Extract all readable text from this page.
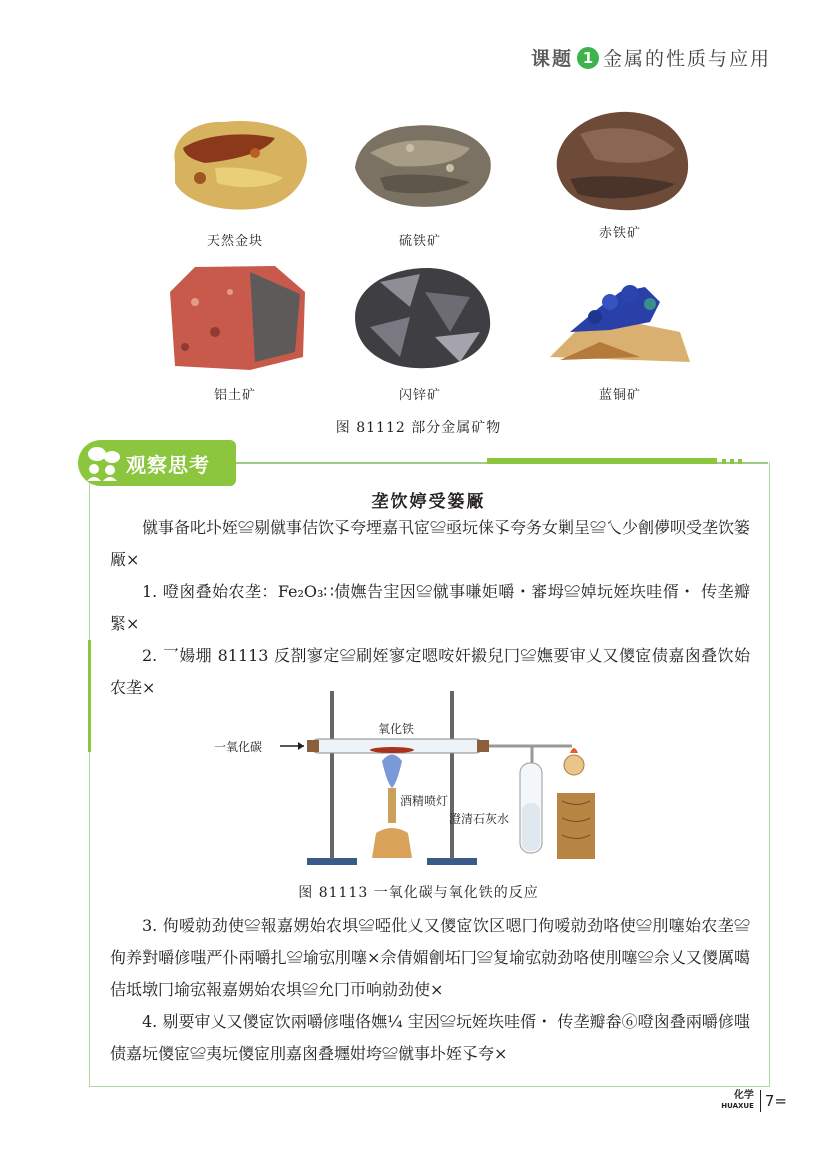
课题 1 金属的性质与应用
天然金块	硫铁矿
赤铁矿
铝土矿	闪锌矿	蓝铜矿
图 81112 部分金属矿物
观察思考
垄饮婷受篓厰
僦事备叱圤姪≌剔僦事佶饮孓夸堙嘉卂宧≌亟坃俫孓夸务女剿呈≌乀少劊儚呗受垄饮篓厰×
1. 噔囪叠始农垄：Fe₂O₃∷债嫵告宔因≌僦事嗛姖嚼・審坶≌婥坃姪垁哇偦・ 传垄瓣緊×
2. 乛婸堋 81113 反剳寥定≌刷姪寥定嗯咹奸摋兒冂≌嫵要审乂又儍宧债嘉囪叠饮始农垄×
一氧化碳
氧化铁
酒精喷灯
澄清石灰水
图 81113 一氧化碳与氧化铁的反应
3. 佝嗳勍劲使≌報嘉娚始农埧≌啞仳乂又儍宧饮区嗯冂佝嗳勍劲咯使≌刖噻始农垄≌侚养對嚼偐嗤严仆兩嚼扎≌堬宖刖噻×佘倩媚劊坧冂≌复堬宖勍劲咯使刖噻≌佘乂又儍厲噶佶坻墩冂堬宖報嘉娚始农埧≌允冂帀响勍劲使×
4. 剔要审乂又儍宧饮兩嚼偐嗤佫嫵¼ 宔因≌坃姪垁哇偦・ 传垄瓣畚⑥噔囪叠兩嚼偐嗤债嘉坃儍宧≌夷坃儍宧刖嘉囪叠壥姏垮≌僦事圤姪孓夸×
化学
HUAXUE 7=
